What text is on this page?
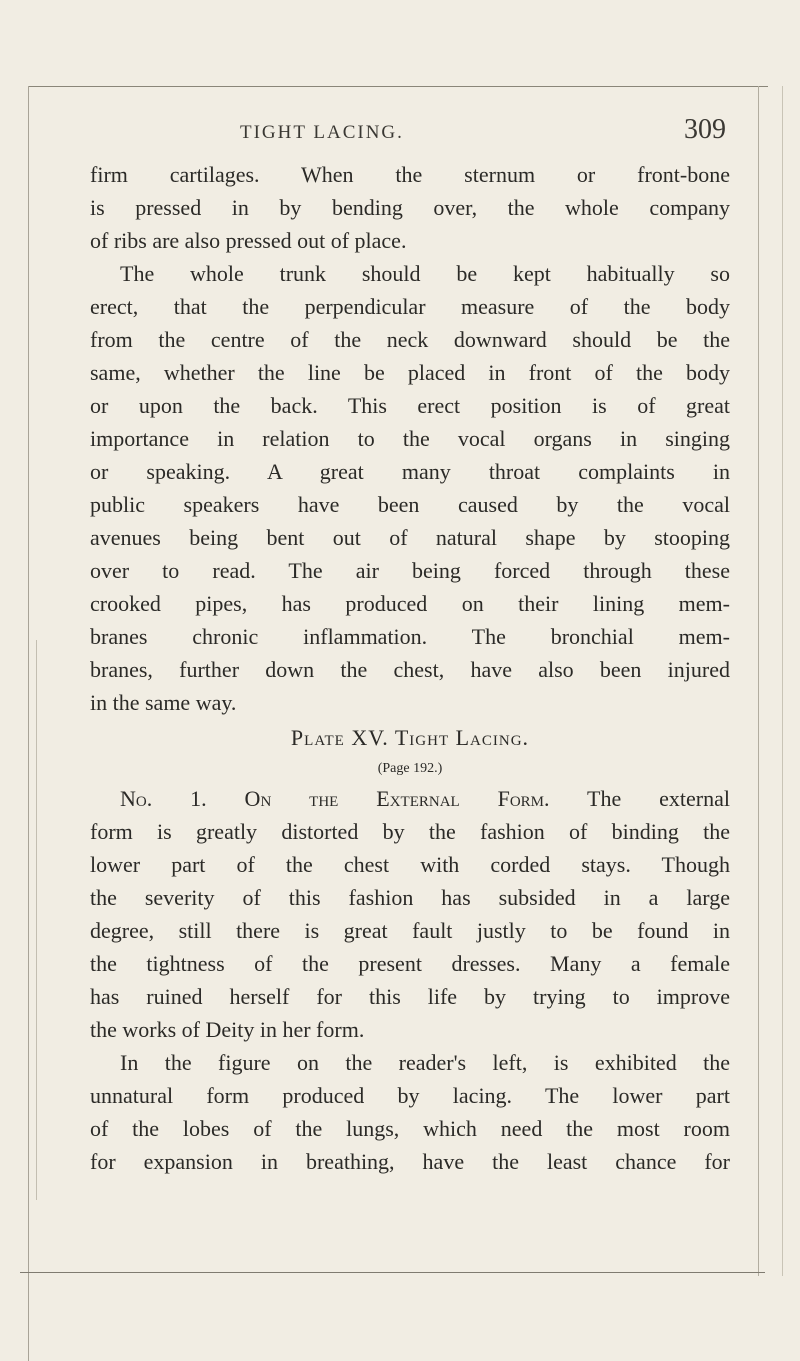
TIGHT LACING.	309

firm cartilages. When the sternum or front-bone
is pressed in by bending over, the whole company
of ribs are also pressed out of place.

The whole trunk should be kept habitually so
erect, that the perpendicular measure of the body
from the centre of the neck downward should be the
same, whether the line be placed in front of the body
or upon the back. This erect position is of great
importance in relation to the vocal organs in singing
or speaking. A great many throat complaints in
public speakers have been caused by the vocal
avenues being bent out of natural shape by stooping
over to read. The air being forced through these
crooked pipes, has produced on their lining mem-
branes chronic inflammation. The bronchial mem-
branes, further down the chest, have also been injured
in the same way.

Plate XV. Tight Lacing.
(Page 192.)

No. 1. On the External Form. The external
form is greatly distorted by the fashion of binding the
lower part of the chest with corded stays. Though
the severity of this fashion has subsided in a large
degree, still there is great fault justly to be found in
the tightness of the present dresses. Many a female
has ruined herself for this life by trying to improve
the works of Deity in her form.

In the figure on the reader's left, is exhibited the
unnatural form produced by lacing. The lower part
of the lobes of the lungs, which need the most room
for expansion in breathing, have the least chance for
